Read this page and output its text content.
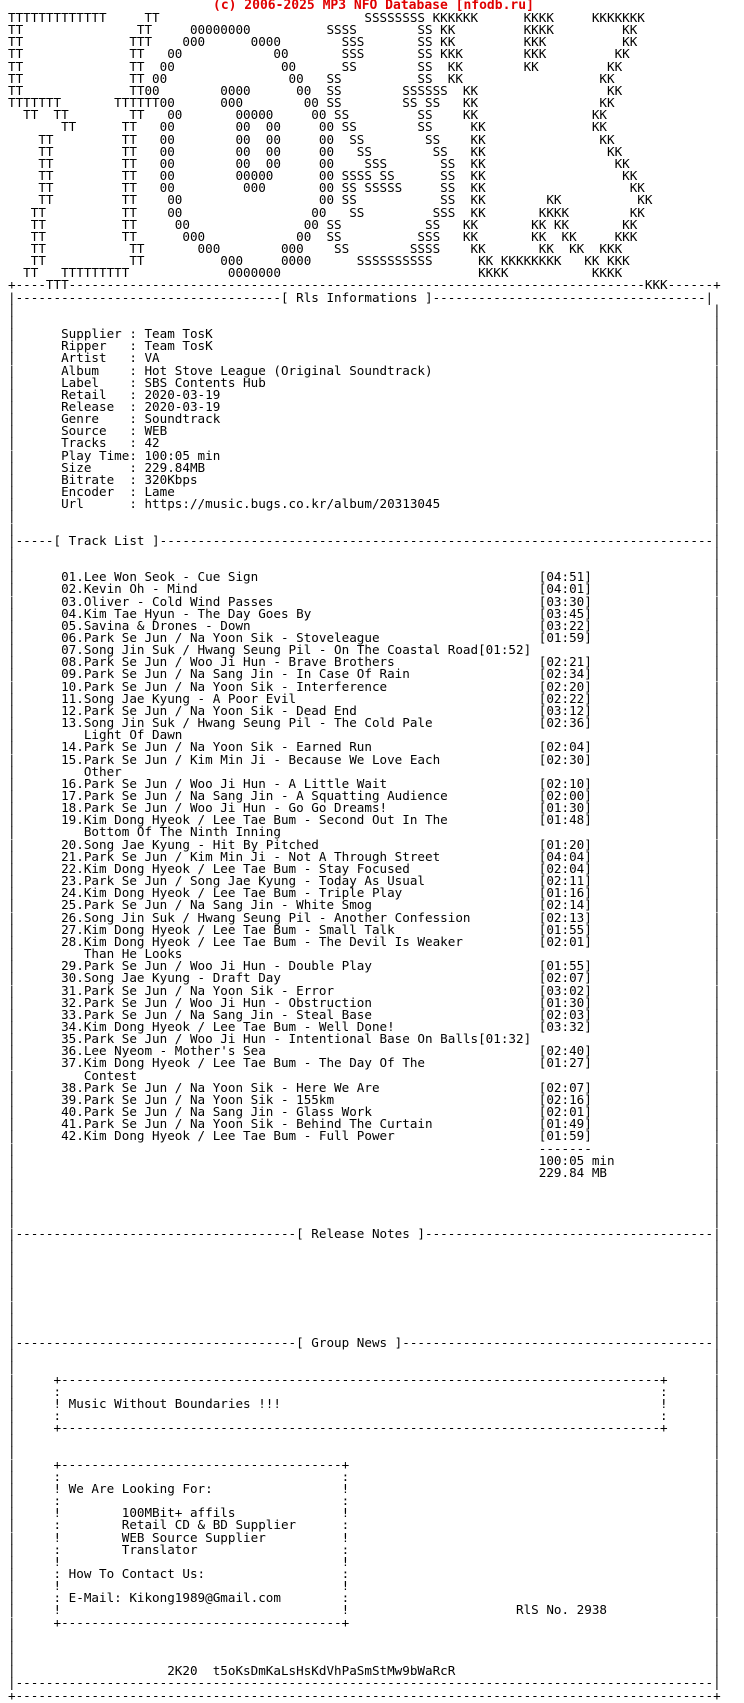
(c) 2006-2025 MP3 NFO Database [nfodb.ru]
TTTTTTTTTTTTT     TT                           SSSSSSSS KKKKKK      KKKK     KKKKKKK
TT               TT     00000000          SSSS        SS KK         KKKK         KK
TT              TTT    000      0000        SSS       SS KK         KKK          KK
TT              TT   00            00       SSS       SS KKK        KKK         KK
TT              TT  00              00      SS        SS  KK        KK         KK
TT              TT 00                00   SS          SS  KK                  KK
TT              TT00        0000      00  SS        SSSSSS  KK                 KK
TTTTTTT       TTTTTT00      000        00 SS        SS SS   KK                KK
TT  TT        TT   00       00000     00 SS         SS    KK               KK
TT      TT   00        00  00     00 SS        SS     KK              KK
TT         TT   00        00  00     00  SS        SS    KK               KK
TT         TT   00        00  00     00   SS        SS   KK                KK
TT         TT   00        00  00     00    SSS       SS  KK                 KK
TT         TT   00        00000      00 SSSS SS      SS  KK                  KK
TT         TT   00         000       00 SS SSSSS     SS  KK                   KK
TT         TT    00                  00 SS           SS  KK        KK          KK
TT          TT    00                 00   SS         SSS  KK       KKKK        KK
TT          TT     00               00 SS           SS   KK       KK KK       KK
TT          TT      000            00  SS          SSS   KK       KK  KK     KKK
TT           TT       000        000    SS        SSSS    KK       KK  KK  KKK
TT           TT          000     0000      SSSSSSSSSS      KK KKKKKKKK   KK KKK
TT   TTTTTTTTT             0000000                          KKKK           KKKK
+----TTT----------------------------------------------------------------------------KKK------+
|-----------------------------------[ Rls Informations ]------------------------------------|
|                                                                                            |
|                                                                                            |
|      Supplier : Team TosK                                                                  |
|      Ripper   : Team TosK                                                                  |
|      Artist   : VA                                                                         |
|      Album    : Hot Stove League (Original Soundtrack)                                     |
|      Label    : SBS Contents Hub                                                           |
|      Retail   : 2020-03-19                                                                 |
|      Release  : 2020-03-19                                                                 |
|      Genre    : Soundtrack                                                                 |
|      Source   : WEB                                                                        |
|      Tracks   : 42                                                                         |
|      Play Time: 100:05 min                                                                 |
|      Size     : 229.84MB                                                                   |
|      Bitrate  : 320Kbps                                                                    |
|      Encoder  : Lame                                                                       |
|      Url      : https://music.bugs.co.kr/album/20313045                                    |
|                                                                                            |
|                                                                                            |
|-----[ Track List ]-------------------------------------------------------------------------|
|                                                                                            |
|                                                                                            |
|      01.Lee Won Seok - Cue Sign                                     [04:51]                |
|      02.Kevin Oh - Mind                                             [04:01]                |
|      03.Oliver - Cold Wind Passes                                   [03:30]                |
|      04.Kim Tae Hyun - The Day Goes By                              [03:45]                |
|      05.Savina & Drones - Down                                      [03:22]                |
|      06.Park Se Jun / Na Yoon Sik - Stoveleague                     [01:59]                |
|      07.Song Jin Suk / Hwang Seung Pil - On The Coastal Road[01:52]                        |
|      08.Park Se Jun / Woo Ji Hun - Brave Brothers                   [02:21]                |
|      09.Park Se Jun / Na Sang Jin - In Case Of Rain                 [02:34]                |
|      10.Park Se Jun / Na Yoon Sik - Interference                    [02:20]                |
|      11.Song Jae Kyung - A Poor Evil                                [02:22]                |
|      12.Park Se Jun / Na Yoon Sik - Dead End                        [03:12]                |
|      13.Song Jin Suk / Hwang Seung Pil - The Cold Pale              [02:36]                |
|         Light Of Dawn                                                                      |
|      14.Park Se Jun / Na Yoon Sik - Earned Run                      [02:04]                |
|      15.Park Se Jun / Kim Min Ji - Because We Love Each             [02:30]                |
|         Other                                                                              |
|      16.Park Se Jun / Woo Ji Hun - A Little Wait                    [02:10]                |
|      17.Park Se Jun / Na Sang Jin - A Squatting Audience            [02:00]                |
|      18.Park Se Jun / Woo Ji Hun - Go Go Dreams!                    [01:30]                |
|      19.Kim Dong Hyeok / Lee Tae Bum - Second Out In The            [01:48]                |
|         Bottom Of The Ninth Inning                                                         |
|      20.Song Jae Kyung - Hit By Pitched                             [01:20]                |
|      21.Park Se Jun / Kim Min Ji - Not A Through Street             [04:04]                |
|      22.Kim Dong Hyeok / Lee Tae Bum - Stay Focused                 [02:04]                |
|      23.Park Se Jun / Song Jae Kyung - Today As Usual               [02:11]                |
|      24.Kim Dong Hyeok / Lee Tae Bum - Triple Play                  [01:16]                |
|      25.Park Se Jun / Na Sang Jin - White Smog                      [02:14]                |
|      26.Song Jin Suk / Hwang Seung Pil - Another Confession         [02:13]                |
|      27.Kim Dong Hyeok / Lee Tae Bum - Small Talk                   [01:55]                |
|      28.Kim Dong Hyeok / Lee Tae Bum - The Devil Is Weaker          [02:01]                |
|         Than He Looks                                                                      |
|      29.Park Se Jun / Woo Ji Hun - Double Play                      [01:55]                |
|      30.Song Jae Kyung - Draft Day                                  [02:07]                |
|      31.Park Se Jun / Na Yoon Sik - Error                           [03:02]                |
|      32.Park Se Jun / Woo Ji Hun - Obstruction                      [01:30]                |
|      33.Park Se Jun / Na Sang Jin - Steal Base                      [02:03]                |
|      34.Kim Dong Hyeok / Lee Tae Bum - Well Done!                   [03:32]                |
|      35.Park Se Jun / Woo Ji Hun - Intentional Base On Balls[01:32]                        |
|      36.Lee Nyeom - Mother's Sea                                    [02:40]                |
|      37.Kim Dong Hyeok / Lee Tae Bum - The Day Of The               [01:27]                |
|         Contest                                                                            |
|      38.Park Se Jun / Na Yoon Sik - Here We Are                     [02:07]                |
|      39.Park Se Jun / Na Yoon Sik - 155km                           [02:16]                |
|      40.Park Se Jun / Na Sang Jin - Glass Work                      [02:01]                |
|      41.Park Se Jun / Na Yoon Sik - Behind The Curtain              [01:49]                |
|      42.Kim Dong Hyeok / Lee Tae Bum - Full Power                   [01:59]                |
|                                                                     -------                |
|                                                                     100:05 min             |
|                                                                     229.84 MB              |
|                                                                                            |
|                                                                                            |
|                                                                                            |
|                                                                                            |
|-------------------------------------[ Release Notes ]--------------------------------------|
|                                                                                            |
|                                                                                            |
|                                                                                            |
|                                                                                            |
|                                                                                            |
|                                                                                            |
|                                                                                            |
|                                                                                            |
|-------------------------------------[ Group News ]-----------------------------------------|
|                                                                                            |
|                                                                                            |
|     +-------------------------------------------------------------------------------+      |
|     :                                                                               :      |
|     ! Music Without Boundaries !!!                                                  !      |
|     :                                                                               :      |
|     +-------------------------------------------------------------------------------+      |
|                                                                                            |
|                                                                                            |
|     +-------------------------------------+                                                |
|     :                                     :                                                |
|     ! We Are Looking For:                 !                                                |
|     :                                     :                                                |
|     !        100MBit+ affils              !                                                |
|     :        Retail CD & BD Supplier      :                                                |
|     !        WEB Source Supplier          !                                                |
|     :        Translator                   :                                                |
|     !                                     !                                                |
|     : How To Contact Us:                  :                                                |
|     !                                     !                                                |
|     : E-Mail: Kikong1989@Gmail.com        :                                                |
|     !                                     !                      RlS No. 2938              |
|     +-------------------------------------+                                                |
|                                                                                            |
|                                                                                            |
|                                                                                            |
|                    2K20  t5oKsDmKaLsHsKdVhPaSmStMw9bWaRcR                                  |
|--------------------------------------------------------------------------------------------|
+--------------------------------------------------------------------------------------------+
